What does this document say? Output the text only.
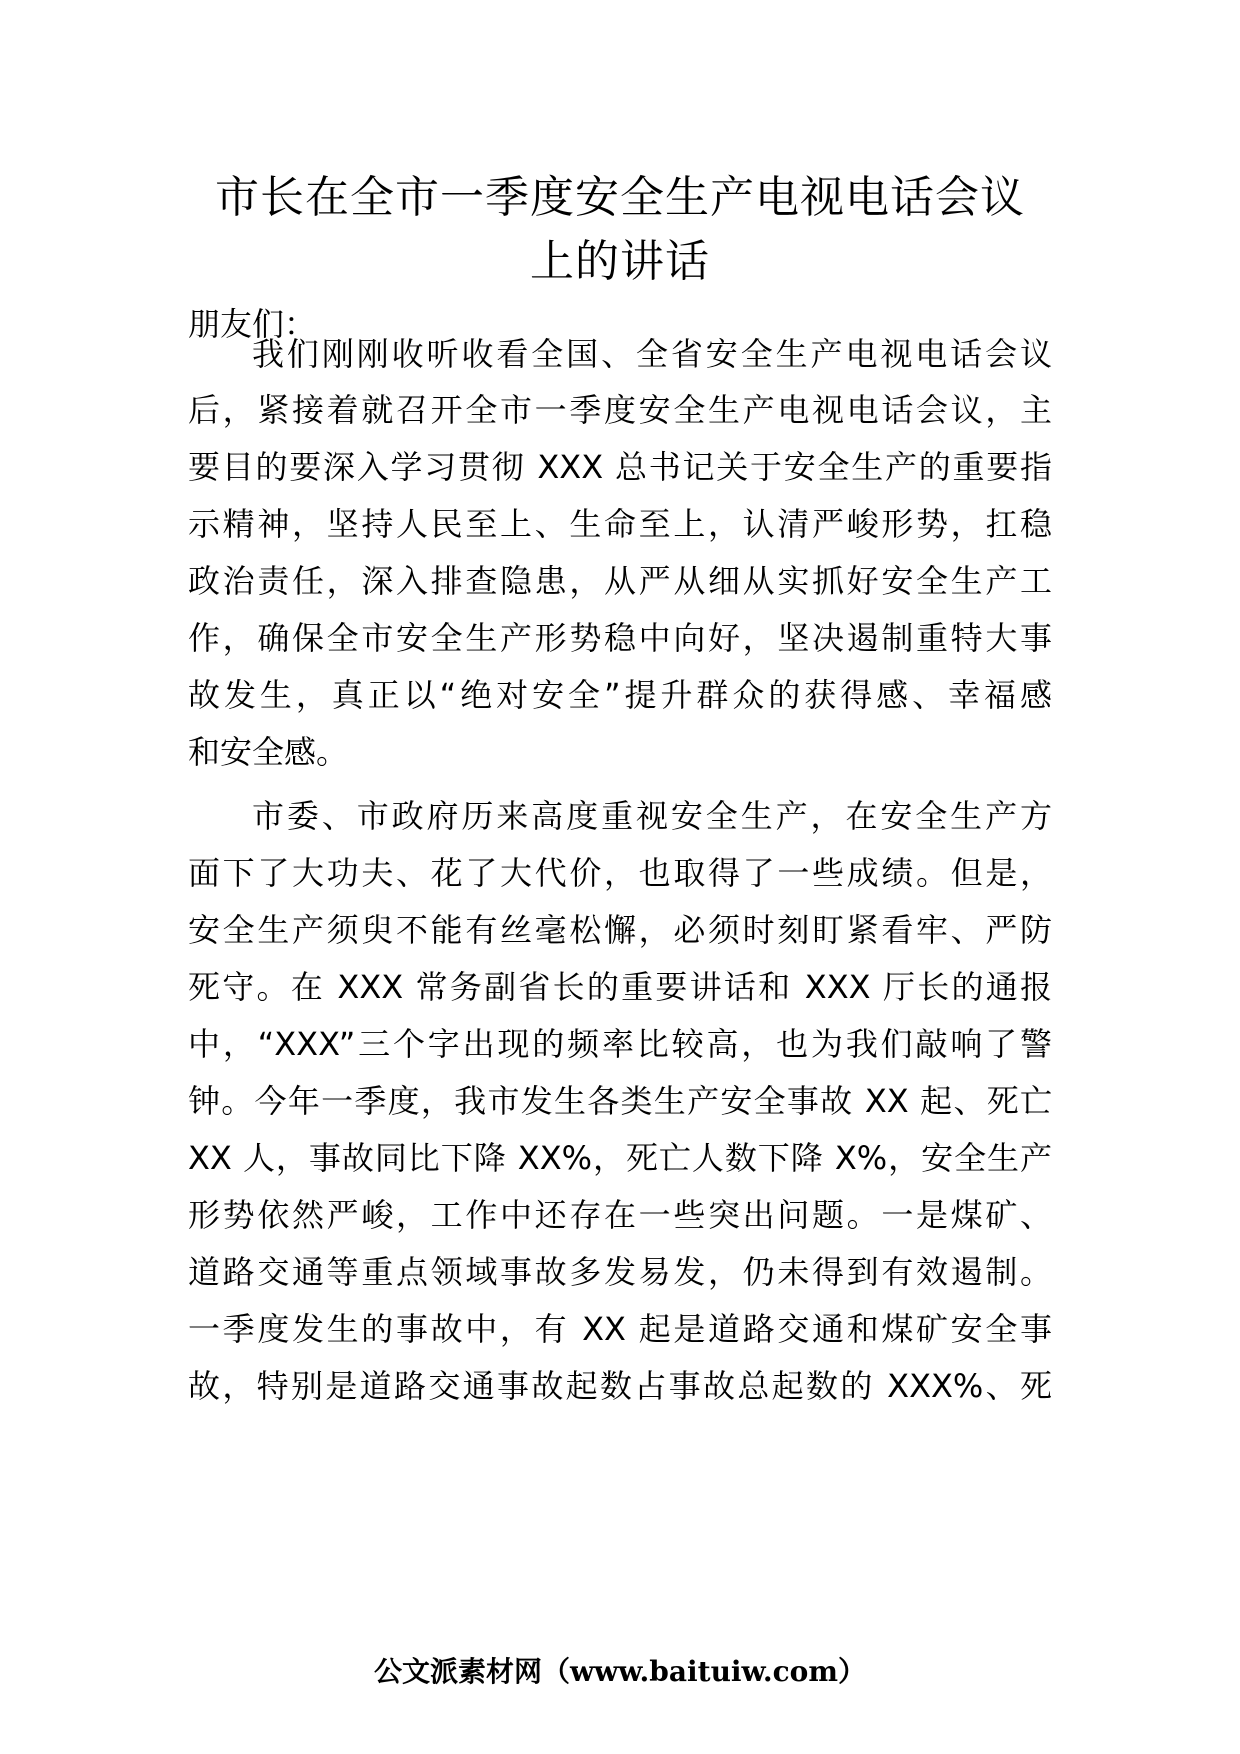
市长在全市一季度安全生产电视电话会议
上的讲话

朋友们：

我们刚刚收听收看全国、全省安全生产电视电话会议

后，紧接着就召开全市一季度安全生产电视电话会议，主

要目的要深入学习贯彻 XXX 总书记关于安全生产的重要指

示精神，坚持人民至上、生命至上，认清严峻形势，扛稳

政治责任，深入排查隐患，从严从细从实抓好安全生产工

作，确保全市安全生产形势稳中向好，坚决遏制重特大事

故发生，真正以“绝对安全”提升群众的获得感、幸福感

和安全感。

市委、市政府历来高度重视安全生产，在安全生产方

面下了大功夫、花了大代价，也取得了一些成绩。但是，

安全生产须臾不能有丝毫松懈，必须时刻盯紧看牢、严防

死守。在 XXX 常务副省长的重要讲话和 XXX 厅长的通报

中，“XXX”三个字出现的频率比较高，也为我们敲响了警

钟。今年一季度，我市发生各类生产安全事故 XX 起、死亡

XX 人，事故同比下降 XX%，死亡人数下降 X%，安全生产

形势依然严峻，工作中还存在一些突出问题。一是煤矿、

道路交通等重点领域事故多发易发，仍未得到有效遏制。

一季度发生的事故中，有 XX 起是道路交通和煤矿安全事

故，特别是道路交通事故起数占事故总起数的 XXX%、死

公文派素材网（www.baituiw.com）
